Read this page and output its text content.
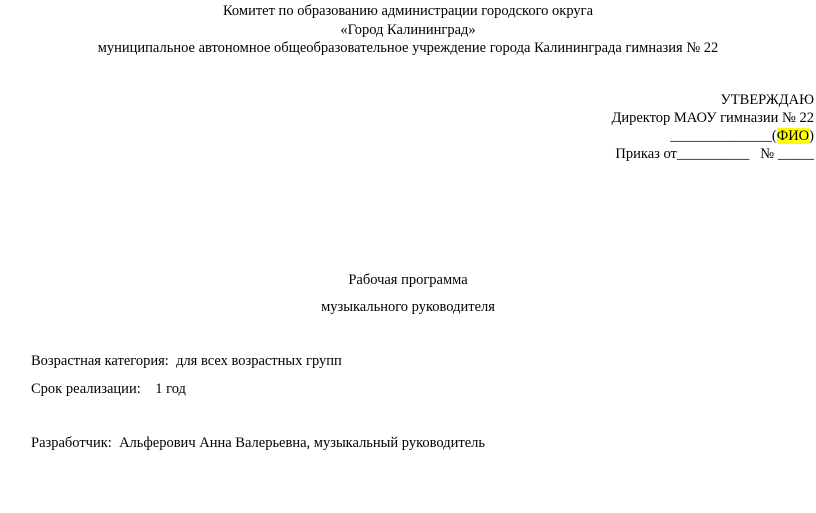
Комитет по образованию администрации городского округа
«Город Калининград»
муниципальное автономное общеобразовательное учреждение города Калининграда гимназия № 22
УТВЕРЖДАЮ
Директор МАОУ гимназии № 22
______________(ФИО)
Приказ от__________ № _____
Рабочая программа
музыкального руководителя
Возрастная категория: для всех возрастных групп
Срок реализации: 1 год
Разработчик: Альферович Анна Валерьевна, музыкальный руководитель
